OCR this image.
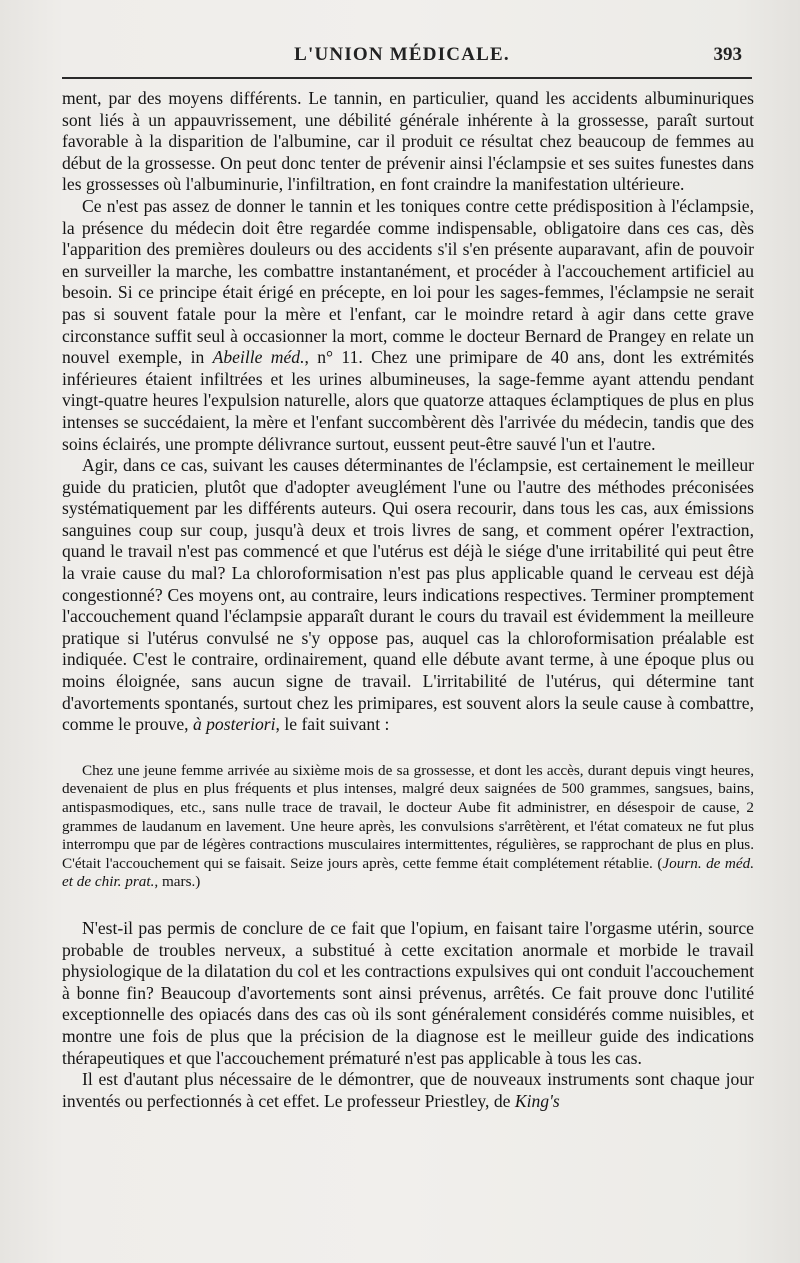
L'UNION MÉDICALE.	393

ment, par des moyens différents. Le tannin, en particulier, quand les accidents albuminuriques sont liés à un appauvrissement, une débilité générale inhérente à la grossesse, paraît surtout favorable à la disparition de l'albumine, car il produit ce résultat chez beaucoup de femmes au début de la grossesse. On peut donc tenter de prévenir ainsi l'éclampsie et ses suites funestes dans les grossesses où l'albuminurie, l'infiltration, en font craindre la manifestation ultérieure.

Ce n'est pas assez de donner le tannin et les toniques contre cette prédisposition à l'éclampsie, la présence du médecin doit être regardée comme indispensable, obligatoire dans ces cas, dès l'apparition des premières douleurs ou des accidents s'il s'en présente auparavant, afin de pouvoir en surveiller la marche, les combattre instantanément, et procéder à l'accouchement artificiel au besoin. Si ce principe était érigé en précepte, en loi pour les sages-femmes, l'éclampsie ne serait pas si souvent fatale pour la mère et l'enfant, car le moindre retard à agir dans cette grave circonstance suffit seul à occasionner la mort, comme le docteur Bernard de Prangey en relate un nouvel exemple, in Abeille méd., n° 11. Chez une primipare de 40 ans, dont les extrémités inférieures étaient infiltrées et les urines albumineuses, la sage-femme ayant attendu pendant vingt-quatre heures l'expulsion naturelle, alors que quatorze attaques éclamptiques de plus en plus intenses se succédaient, la mère et l'enfant succombèrent dès l'arrivée du médecin, tandis que des soins éclairés, une prompte délivrance surtout, eussent peut-être sauvé l'un et l'autre.

Agir, dans ce cas, suivant les causes déterminantes de l'éclampsie, est certainement le meilleur guide du praticien, plutôt que d'adopter aveuglément l'une ou l'autre des méthodes préconisées systématiquement par les différents auteurs. Qui osera recourir, dans tous les cas, aux émissions sanguines coup sur coup, jusqu'à deux et trois livres de sang, et comment opérer l'extraction, quand le travail n'est pas commencé et que l'utérus est déjà le siége d'une irritabilité qui peut être la vraie cause du mal? La chloroformisation n'est pas plus applicable quand le cerveau est déjà congestionné? Ces moyens ont, au contraire, leurs indications respectives. Terminer promptement l'accouchement quand l'éclampsie apparaît durant le cours du travail est évidemment la meilleure pratique si l'utérus convulsé ne s'y oppose pas, auquel cas la chloroformisation préalable est indiquée. C'est le contraire, ordinairement, quand elle débute avant terme, à une époque plus ou moins éloignée, sans aucun signe de travail. L'irritabilité de l'utérus, qui détermine tant d'avortements spontanés, surtout chez les primipares, est souvent alors la seule cause à combattre, comme le prouve, à posteriori, le fait suivant :

Chez une jeune femme arrivée au sixième mois de sa grossesse, et dont les accès, durant depuis vingt heures, devenaient de plus en plus fréquents et plus intenses, malgré deux saignées de 500 grammes, sangsues, bains, antispasmodiques, etc., sans nulle trace de travail, le docteur Aube fit administrer, en désespoir de cause, 2 grammes de laudanum en lavement. Une heure après, les convulsions s'arrêtèrent, et l'état comateux ne fut plus interrompu que par de légères contractions musculaires intermittentes, régulières, se rapprochant de plus en plus. C'était l'accouchement qui se faisait. Seize jours après, cette femme était complétement rétablie. (Journ. de méd. et de chir. prat., mars.)

N'est-il pas permis de conclure de ce fait que l'opium, en faisant taire l'orgasme utérin, source probable de troubles nerveux, a substitué à cette excitation anormale et morbide le travail physiologique de la dilatation du col et les contractions expulsives qui ont conduit l'accouchement à bonne fin? Beaucoup d'avortements sont ainsi prévenus, arrêtés. Ce fait prouve donc l'utilité exceptionnelle des opiacés dans des cas où ils sont généralement considérés comme nuisibles, et montre une fois de plus que la précision de la diagnose est le meilleur guide des indications thérapeutiques et que l'accouchement prématuré n'est pas applicable à tous les cas.

Il est d'autant plus nécessaire de le démontrer, que de nouveaux instruments sont chaque jour inventés ou perfectionnés à cet effet. Le professeur Priestley, de King's
